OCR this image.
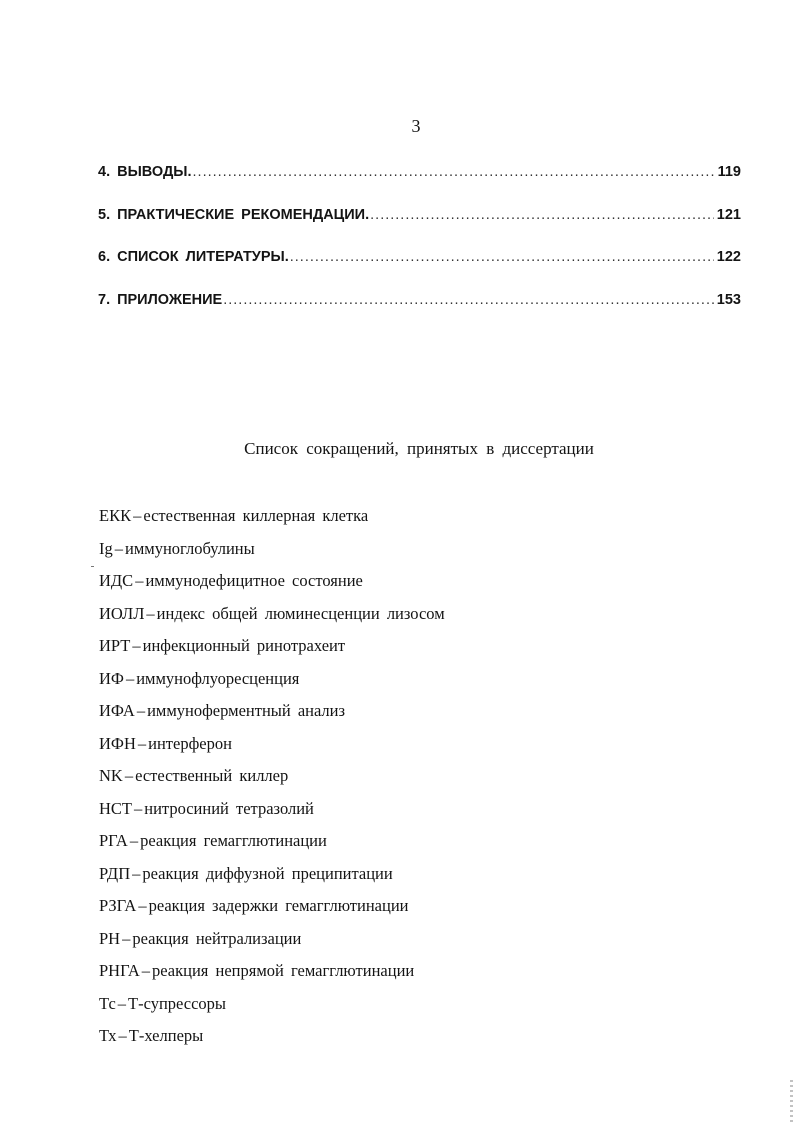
3
4. ВЫВОДЫ. .....	119
5. ПРАКТИЧЕСКИЕ РЕКОМЕНДАЦИИ. .....	121
6. СПИСОК ЛИТЕРАТУРЫ. .....	122
7. ПРИЛОЖЕНИЕ .....	153
Список сокращений, принятых в диссертации
ЕКК – естественная киллерная клетка
Ig – иммуноглобулины
ИДС – иммунодефицитное состояние
ИОЛЛ – индекс общей люминесценции лизосом
ИРТ – инфекционный ринотрахеит
ИФ – иммунофлуоресценция
ИФА – иммуноферментный анализ
ИФН – интерферон
NK – естественный киллер
НСТ – нитросиний тетразолий
РГА – реакция гемагглютинации
РДП – реакция диффузной преципитации
РЗГА – реакция задержки гемагглютинации
РН – реакция нейтрализации
РНГА – реакция непрямой гемагглютинации
Тс – Т-супрессоры
Тх – Т-хелперы
